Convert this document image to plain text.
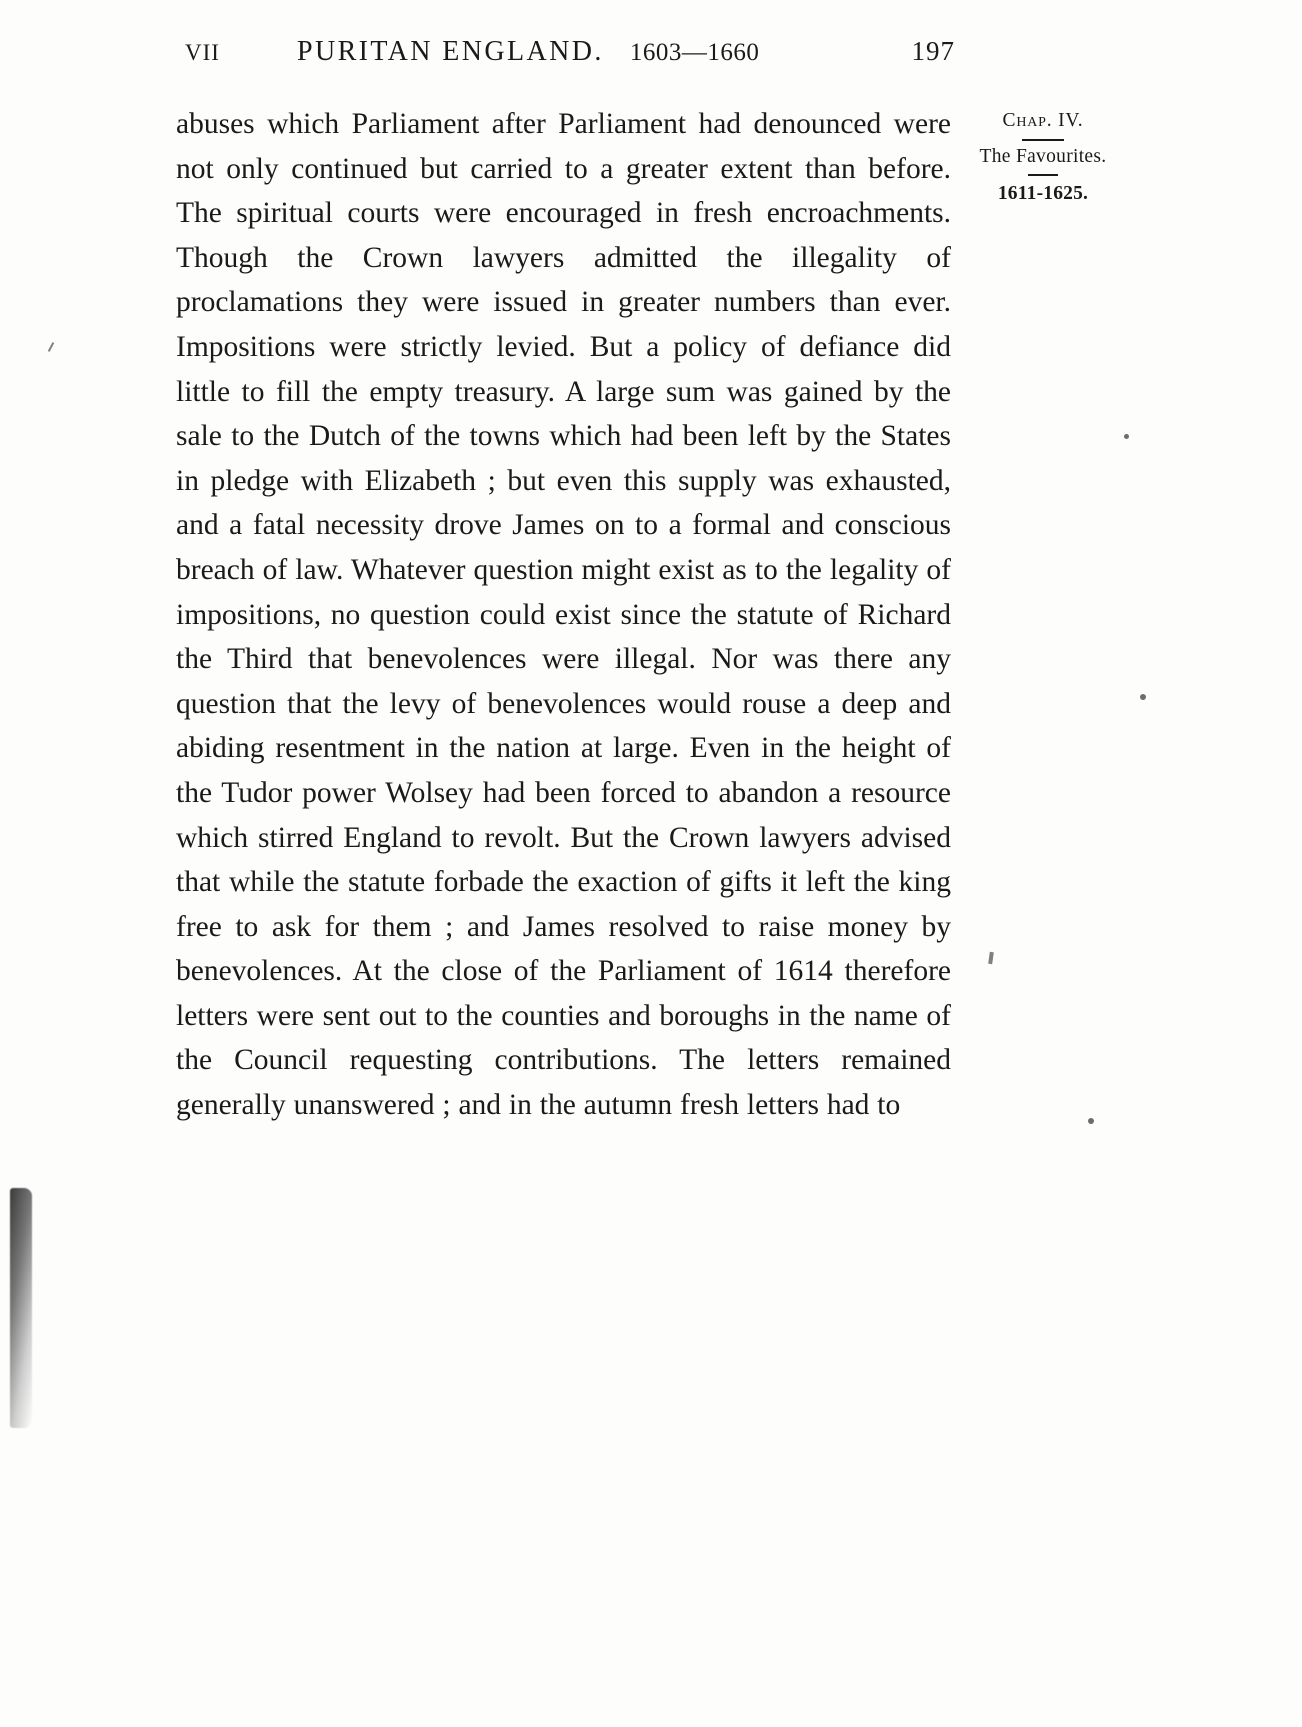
VII	PURITAN ENGLAND. 1603—1660	197

abuses which Parliament after Parliament had denounced were not only continued but carried to a greater extent than before. The spiritual courts were encouraged in fresh encroachments. Though the Crown lawyers admitted the illegality of proclamations they were issued in greater numbers than ever. Impositions were strictly levied. But a policy of defiance did little to fill the empty treasury. A large sum was gained by the sale to the Dutch of the towns which had been left by the States in pledge with Elizabeth ; but even this supply was exhausted, and a fatal necessity drove James on to a formal and conscious breach of law. Whatever question might exist as to the legality of impositions, no question could exist since the statute of Richard the Third that benevolences were illegal. Nor was there any question that the levy of benevolences would rouse a deep and abiding resentment in the nation at large. Even in the height of the Tudor power Wolsey had been forced to abandon a resource which stirred England to revolt. But the Crown lawyers advised that while the statute forbade the exaction of gifts it left the king free to ask for them ; and James resolved to raise money by benevolences. At the close of the Parliament of 1614 therefore letters were sent out to the counties and boroughs in the name of the Council requesting contributions. The letters remained generally unanswered ; and in the autumn fresh letters had to

Chap. IV.
The Favourites.
1611-1625.
